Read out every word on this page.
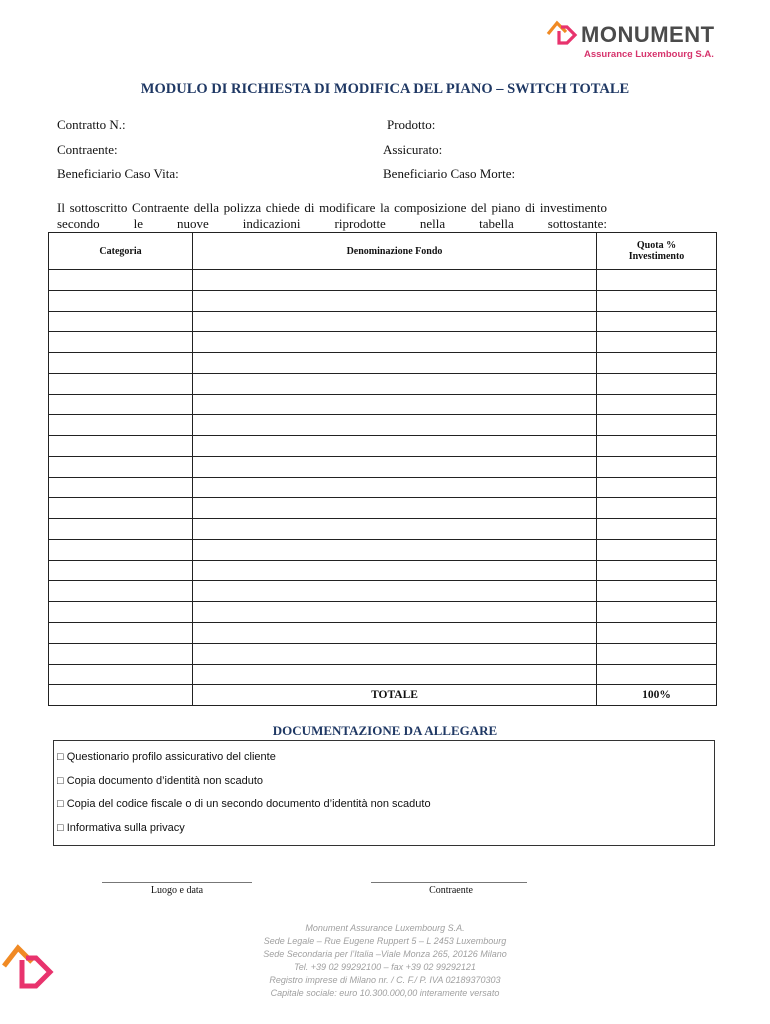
MONUMENT
Assurance Luxembourg S.A.
MODULO DI RICHIESTA DI MODIFICA DEL PIANO – SWITCH TOTALE
Contratto N.:	Prodotto:
Contraente:	Assicurato:
Beneficiario Caso Vita:	Beneficiario Caso Morte:
Il sottoscritto Contraente della polizza chiede di modificare la composizione del piano di investimento secondo le nuove indicazioni riprodotte nella tabella sottostante:
Categoria	Denominazione Fondo	Quota %
Investimento

	TOTALE	100%
DOCUMENTAZIONE DA ALLEGARE
□ Questionario profilo assicurativo del cliente
□ Copia documento d’identità non scaduto
□ Copia del codice fiscale o di un secondo documento d’identità non scaduto
□ Informativa sulla privacy
Luogo e data	Contraente
Monument Assurance Luxembourg S.A.
Sede Legale – Rue Eugene Ruppert 5 – L 2453 Luxembourg
Sede Secondaria per l’Italia –Viale Monza 265, 20126 Milano
Tel. +39 02 99292100 – fax +39 02 99292121
Registro imprese di Milano nr. / C. F./ P. IVA 02189370303
Capitale sociale: euro 10.300.000,00 interamente versato
